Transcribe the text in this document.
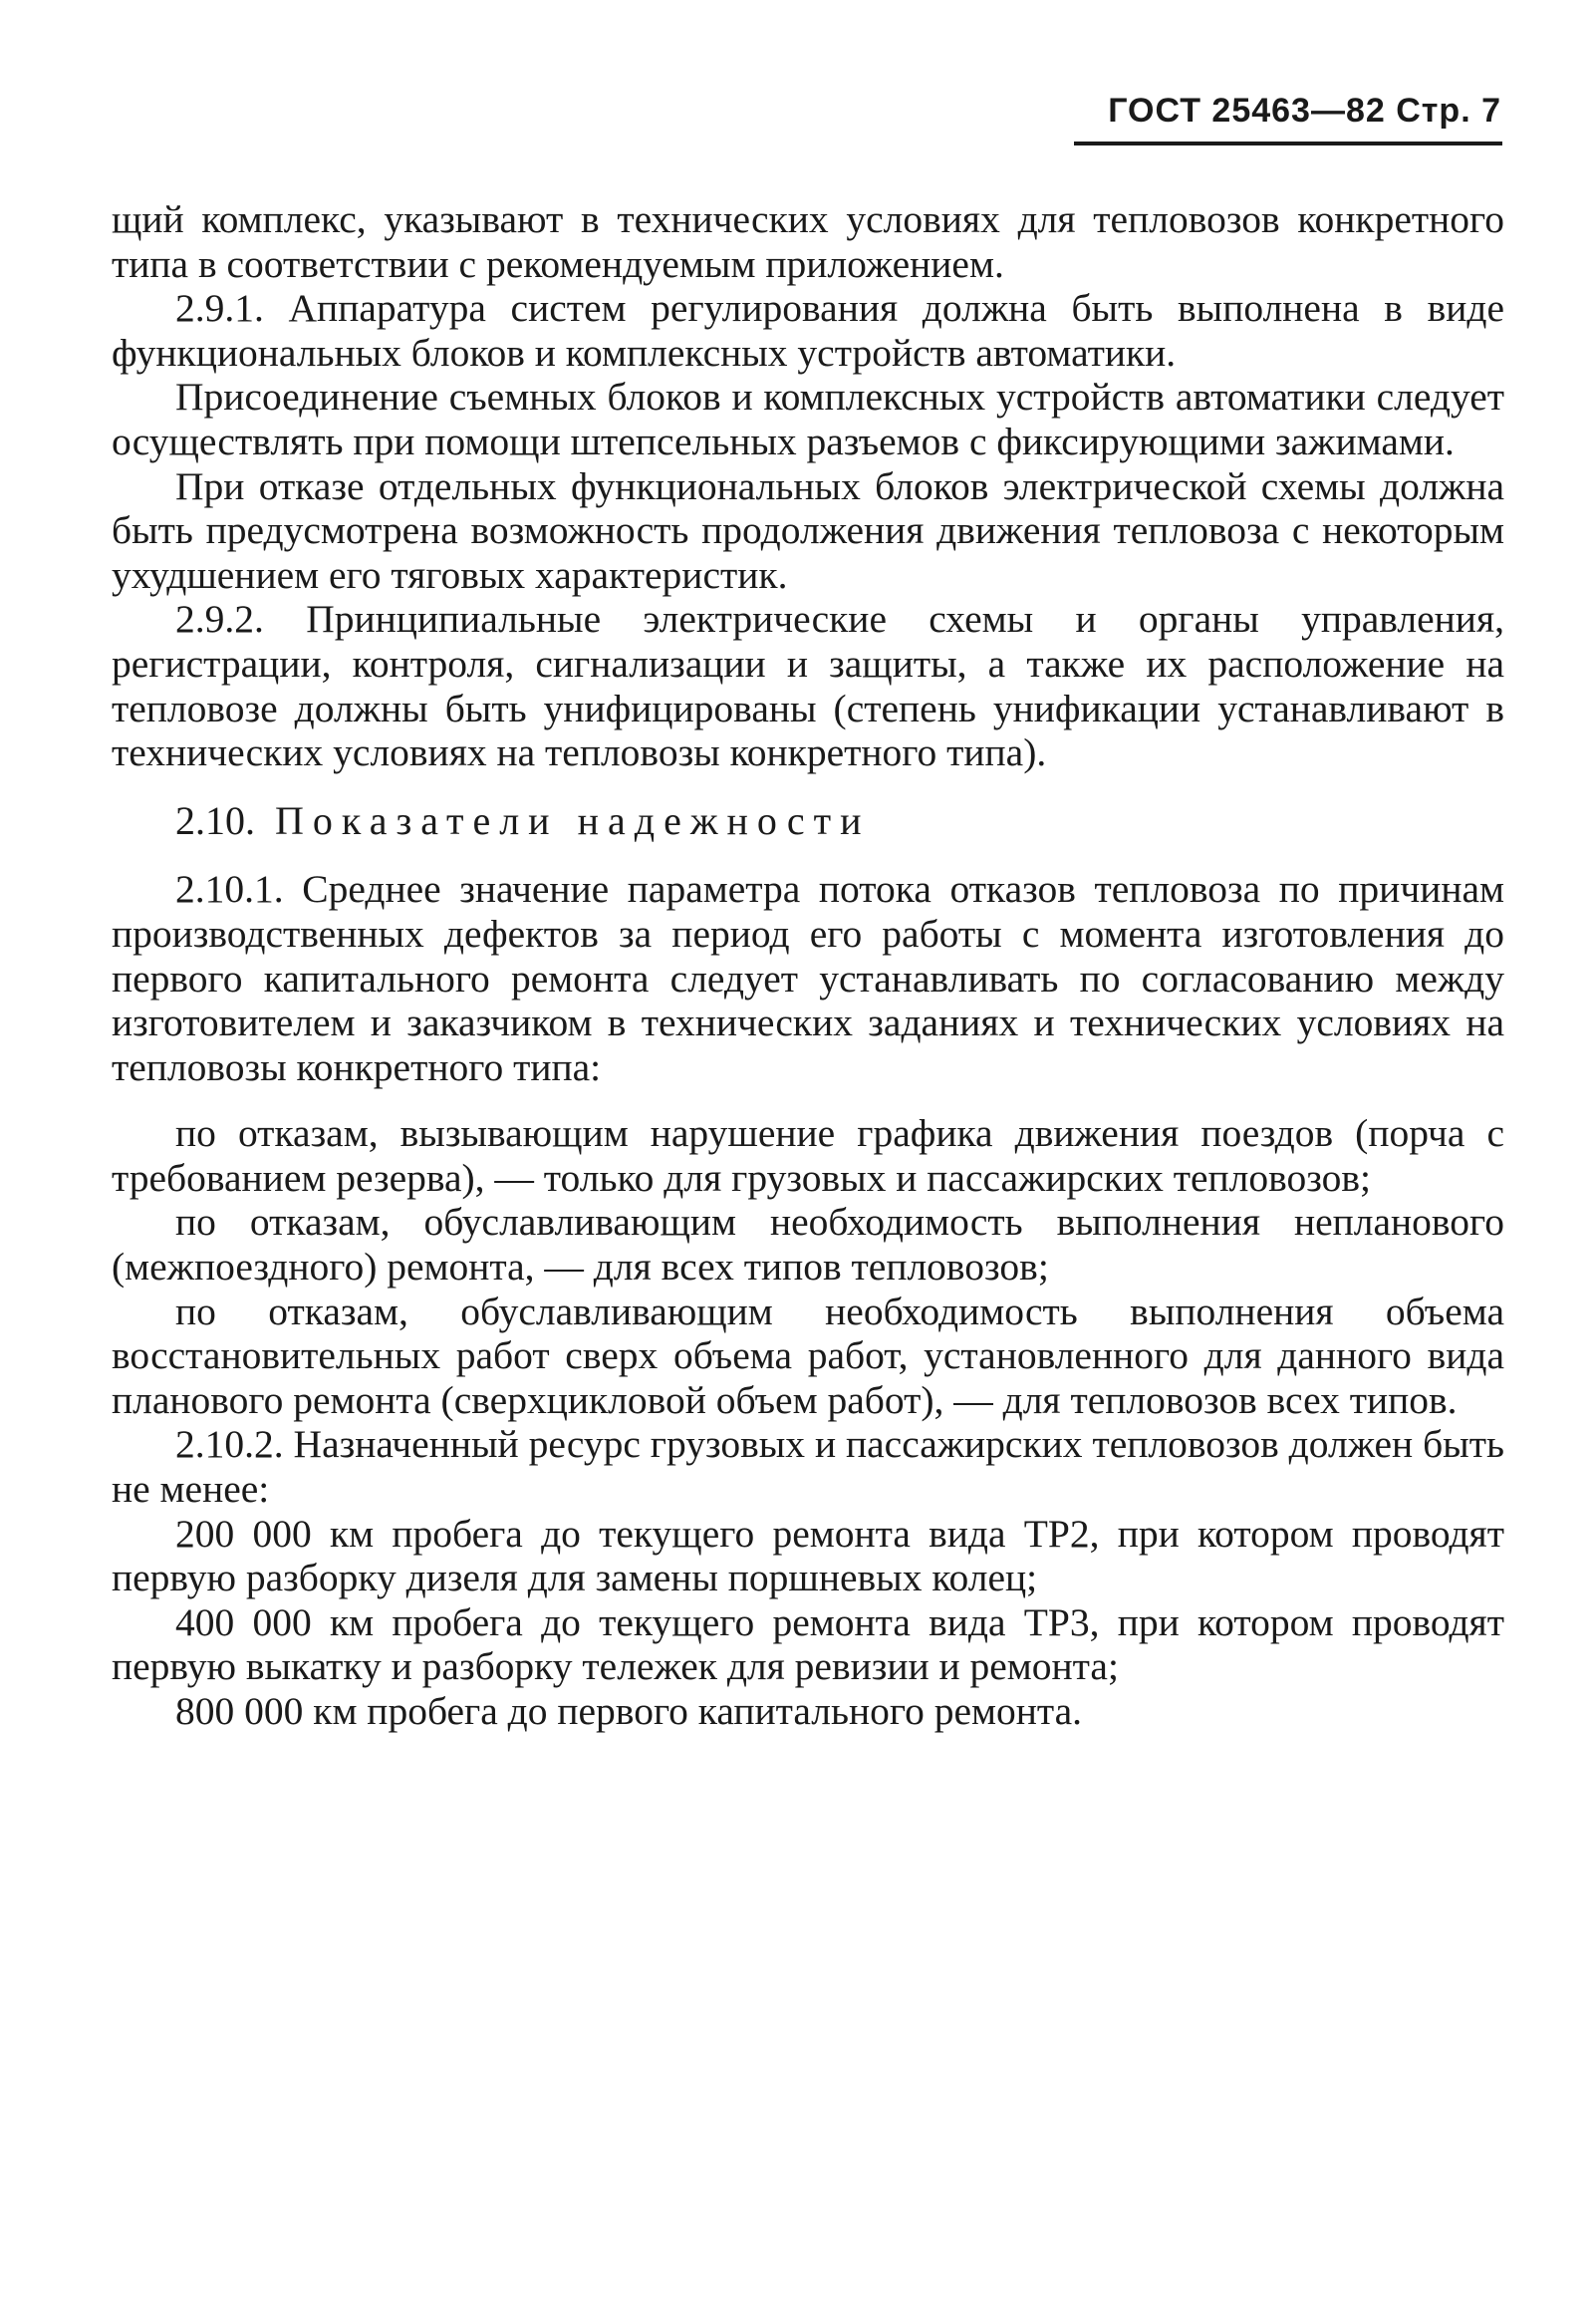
ГОСТ 25463—82 Стр. 7

щий комплекс, указывают в технических условиях для тепловозов конкретного типа в соответствии с рекомендуемым приложением.

2.9.1. Аппаратура систем регулирования должна быть выполнена в виде функциональных блоков и комплексных устройств автоматики.

Присоединение съемных блоков и комплексных устройств автоматики следует осуществлять при помощи штепсельных разъемов с фиксирующими зажимами.

При отказе отдельных функциональных блоков электрической схемы должна быть предусмотрена возможность продолжения движения тепловоза с некоторым ухудшением его тяговых характеристик.

2.9.2. Принципиальные электрические схемы и органы управления, регистрации, контроля, сигнализации и защиты, а также их расположение на тепловозе должны быть унифицированы (степень унификации устанавливают в технических условиях на тепловозы конкретного типа).

2.10. Показатели надежности

2.10.1. Среднее значение параметра потока отказов тепловоза по причинам производственных дефектов за период его работы с момента изготовления до первого капитального ремонта следует устанавливать по согласованию между изготовителем и заказчиком в технических заданиях и технических условиях на тепловозы конкретного типа:

по отказам, вызывающим нарушение графика движения поездов (порча с требованием резерва), — только для грузовых и пассажирских тепловозов;

по отказам, обуславливающим необходимость выполнения непланового (межпоездного) ремонта, — для всех типов тепловозов;

по отказам, обуславливающим необходимость выполнения объема восстановительных работ сверх объема работ, установленного для данного вида планового ремонта (сверхцикловой объем работ), — для тепловозов всех типов.

2.10.2. Назначенный ресурс грузовых и пассажирских тепловозов должен быть не менее:

200 000 км пробега до текущего ремонта вида ТР2, при котором проводят первую разборку дизеля для замены поршневых колец;

400 000 км пробега до текущего ремонта вида ТР3, при котором проводят первую выкатку и разборку тележек для ревизии и ремонта;

800 000 км пробега до первого капитального ремонта.
